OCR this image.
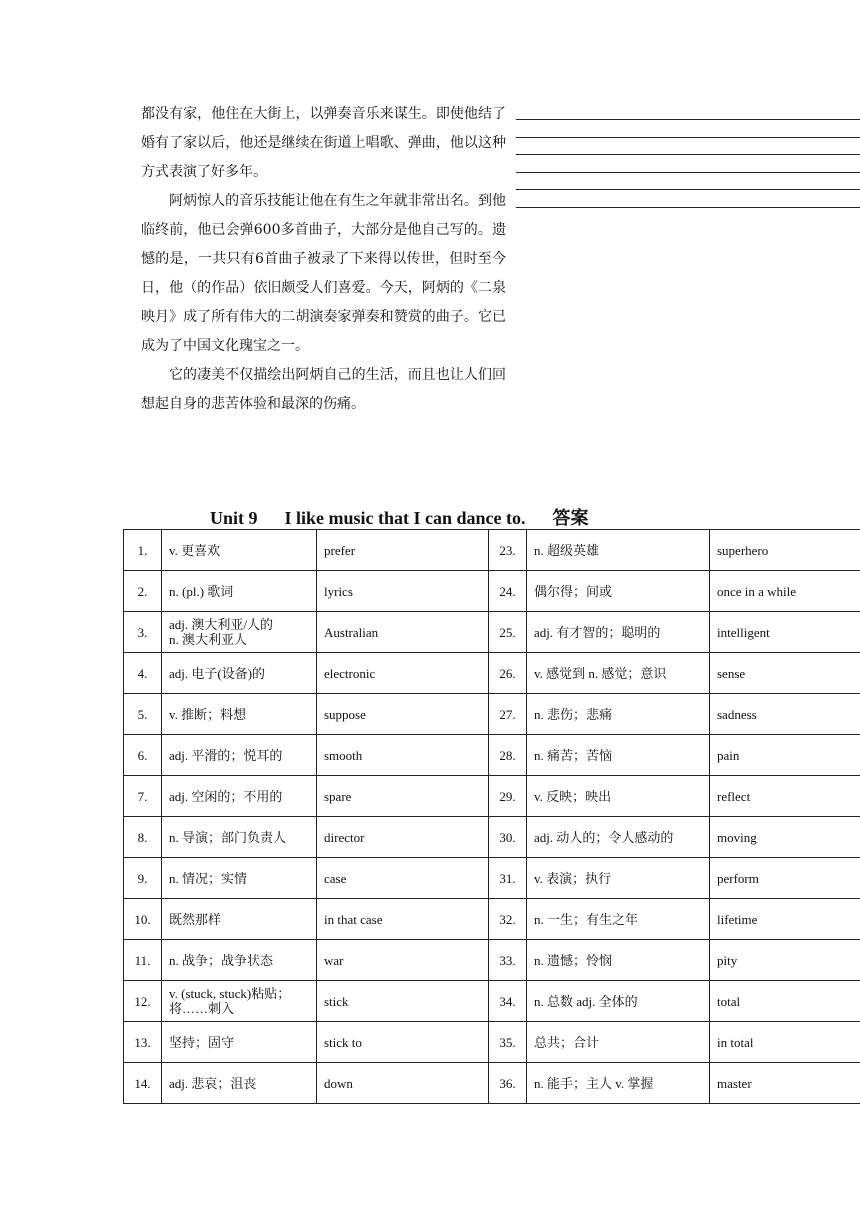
都没有家，他住在大街上，以弹奏音乐来谋生。即使他结了婚有了家以后，他还是继续在街道上唱歌、弹曲，他以这种方式表演了好多年。

阿炳惊人的音乐技能让他在有生之年就非常出名。到他临终前，他已会弹600多首曲子，大部分是他自己写的。遗憾的是，一共只有6首曲子被录了下来得以传世，但时至今日，他（的作品）依旧颇受人们喜爱。今天，阿炳的《二泉映月》成了所有伟大的二胡演奏家弹奏和赞赏的曲子。它已成为了中国文化瑰宝之一。

它的凄美不仅描绘出阿炳自己的生活，而且也让人们回想起自身的悲苦体验和最深的伤痛。

Unit 9      I like music that I can dance to.      答案
1.	v. 更喜欢	prefer	23.	n. 超级英雄	superhero
2.	n. (pl.) 歌词	lyrics	24.	偶尔得；间或	once in a while
3.	adj. 澳大利亚/人的
n. 澳大利亚人	Australian	25.	adj. 有才智的；聪明的	intelligent
4.	adj. 电子(设备)的	electronic	26.	v. 感觉到 n. 感觉；意识	sense
5.	v. 推断；料想	suppose	27.	n. 悲伤；悲痛	sadness
6.	adj. 平滑的；悦耳的	smooth	28.	n. 痛苦；苦恼	pain
7.	adj. 空闲的；不用的	spare	29.	v. 反映；映出	reflect
8.	n. 导演；部门负责人	director	30.	adj. 动人的；令人感动的	moving
9.	n. 情况；实情	case	31.	v. 表演；执行	perform
10.	既然那样	in that case	32.	n. 一生；有生之年	lifetime
11.	n. 战争；战争状态	war	33.	n. 遗憾；怜悯	pity
12.	v. (stuck, stuck)粘贴；
将……刺入	stick	34.	n. 总数 adj. 全体的	total
13.	坚持；固守	stick to	35.	总共；合计	in total
14.	adj. 悲哀；沮丧	down	36.	n. 能手；主人 v. 掌握	master
